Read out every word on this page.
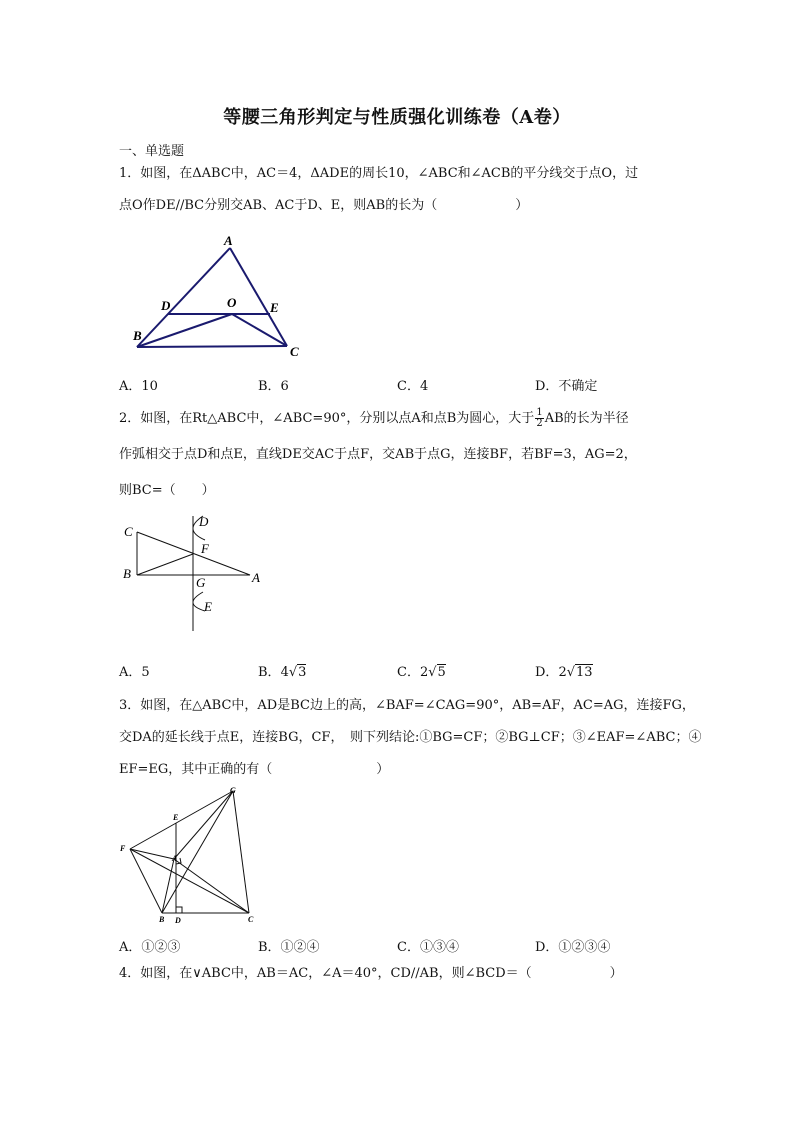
等腰三角形判定与性质强化训练卷（A卷）
一、单选题

1．如图，在ΔABC中，AC＝4，ΔADE的周长10，∠ABC和∠ACB的平分线交于点O，过

点O作DE//BC分别交AB、AC于D、E，则AB的长为（　　　　　　）

A
D	O	E
B
C
A．10	B．6	C．4	D．不确定

2．如图，在Rt△ABC中，∠ABC=90°，分别以点A和点B为圆心，大于 $\frac{1}{2}$ AB的长为半径

作弧相交于点D和点E，直线DE交AC于点F，交AB于点G，连接BF，若BF=3，AG=2，

则BC=（　　）

C
B	A
D
F
G
E
A．5	B．4√3	C．2√5	D．2√13

3．如图，在△ABC中，AD是BC边上的高，∠BAF=∠CAG=90°，AB=AF，AC=AG，连接FG，

交DA的延长线于点E，连接BG，CF，　则下列结论:①BG=CF；②BG⊥CF；③∠EAF=∠ABC；④

EF=EG，其中正确的有（　　　　　　　　）

G
E
F
A
B D	C
A．①②③	B．①②④	C．①③④	D．①②③④

4．如图，在∨ABC中，AB＝AC，∠A＝40°，CD//AB，则∠BCD＝（　　　　　　）
